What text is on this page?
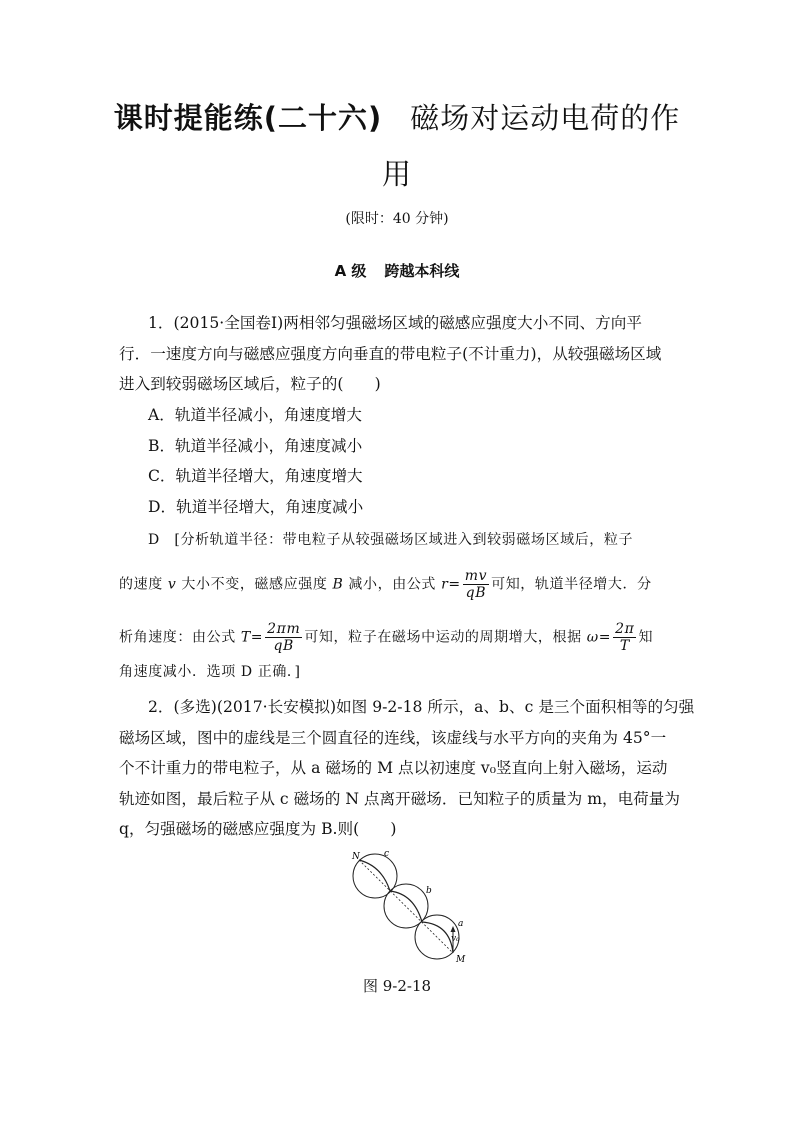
课时提能练(二十六) 磁场对运动电荷的作
用
(限时：40 分钟)
A 级 跨越本科线
1．(2015·全国卷Ⅰ)两相邻匀强磁场区域的磁感应强度大小不同、方向平
行．一速度方向与磁感应强度方向垂直的带电粒子(不计重力)，从较强磁场区域
进入到较弱磁场区域后，粒子的(　　)
A．轨道半径减小，角速度增大
B．轨道半径减小，角速度减小
C．轨道半径增大，角速度增大
D．轨道半径增大，角速度减小
D　[分析轨道半径：带电粒子从较强磁场区域进入到较弱磁场区域后，粒子
的速度 v 大小不变，磁感应强度 B 减小，由公式 $r= \frac{mv}{qB}$ 可知，轨道半径增大．分
析角速度：由公式 $T= \frac{2\pi m}{qB}$ 可知，粒子在磁场中运动的周期增大，根据 $\omega= \frac{2\pi}{T}$ 知
角速度减小．选项 D 正确．]
2．(多选)(2017·长安模拟)如图 9-2-18 所示，a、b、c 是三个面积相等的匀强
磁场区域，图中的虚线是三个圆直径的连线，该虚线与水平方向的夹角为 45°一
个不计重力的带电粒子，从 a 磁场的 M 点以初速度 v₀竖直向上射入磁场，运动
轨迹如图，最后粒子从 c 磁场的 N 点离开磁场．已知粒子的质量为 m，电荷量为
q，匀强磁场的磁感应强度为 B.则(　　)
N	c
b
a
v₀
M
图 9-2-18
